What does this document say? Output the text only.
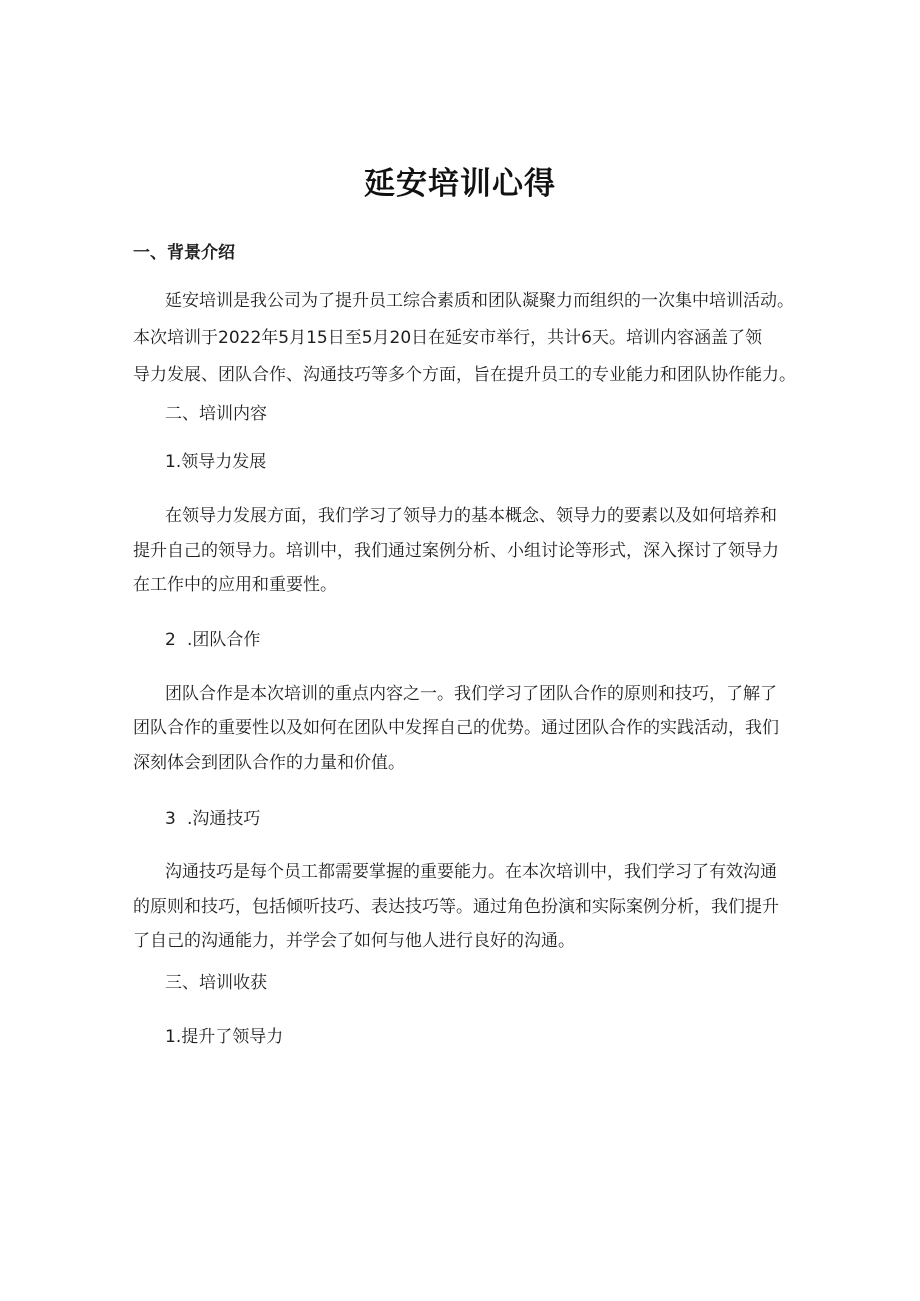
延安培训心得
一、背景介绍
延安培训是我公司为了提升员工综合素质和团队凝聚力而组织的一次集中培训活动。
本次培训于2022年5月15日至5月20日在延安市举行，共计6天。培训内容涵盖了领
导力发展、团队合作、沟通技巧等多个方面，旨在提升员工的专业能力和团队协作能力。
二、培训内容
1.领导力发展
在领导力发展方面，我们学习了领导力的基本概念、领导力的要素以及如何培养和
提升自己的领导力。培训中，我们通过案例分析、小组讨论等形式，深入探讨了领导力
在工作中的应用和重要性。
2 .团队合作
团队合作是本次培训的重点内容之一。我们学习了团队合作的原则和技巧，了解了
团队合作的重要性以及如何在团队中发挥自己的优势。通过团队合作的实践活动，我们
深刻体会到团队合作的力量和价值。
3 .沟通技巧
沟通技巧是每个员工都需要掌握的重要能力。在本次培训中，我们学习了有效沟通
的原则和技巧，包括倾听技巧、表达技巧等。通过角色扮演和实际案例分析，我们提升
了自己的沟通能力，并学会了如何与他人进行良好的沟通。
三、培训收获
1.提升了领导力
